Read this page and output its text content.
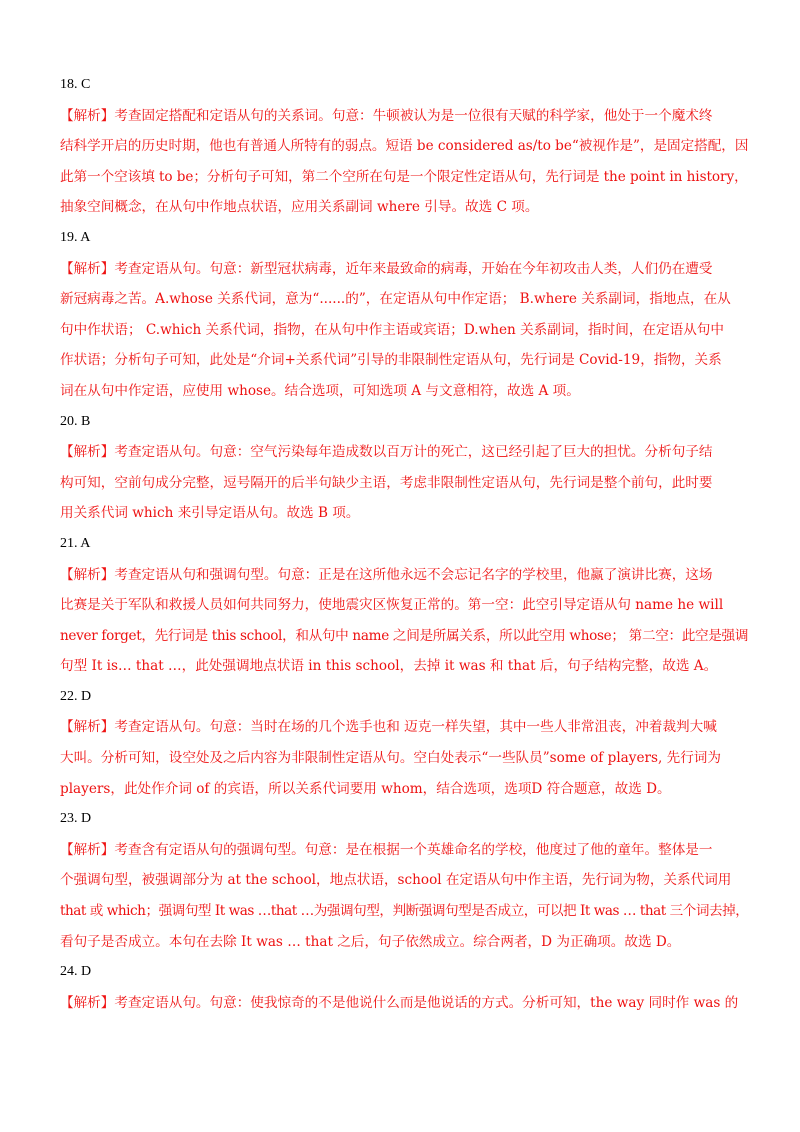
18. C
【解析】考查固定搭配和定语从句的关系词。句意：牛顿被认为是一位很有天赋的科学家，他处于一个魔术终
结科学开启的历史时期，他也有普通人所特有的弱点。短语 be considered as/to be“被视作是”，是固定搭配，因
此第一个空该填 to be；分析句子可知，第二个空所在句是一个限定性定语从句，先行词是 the point in history，
抽象空间概念，在从句中作地点状语，应用关系副词 where 引导。故选 C 项。
19. A
【解析】考查定语从句。句意：新型冠状病毒，近年来最致命的病毒，开始在今年初攻击人类，人们仍在遭受
新冠病毒之苦。A.whose 关系代词，意为“......的”，在定语从句中作定语； B.where 关系副词，指地点，在从
句中作状语； C.which 关系代词，指物，在从句中作主语或宾语；D.when 关系副词，指时间，在定语从句中
作状语；分析句子可知，此处是“介词+关系代词”引导的非限制性定语从句，先行词是 Covid-19，指物，关系
词在从句中作定语，应使用 whose。结合选项，可知选项 A 与文意相符，故选 A 项。
20. B
【解析】考查定语从句。句意：空气污染每年造成数以百万计的死亡，这已经引起了巨大的担忧。分析句子结
构可知，空前句成分完整，逗号隔开的后半句缺少主语，考虑非限制性定语从句，先行词是整个前句，此时要
用关系代词 which 来引导定语从句。故选 B 项。
21. A
【解析】考查定语从句和强调句型。句意：正是在这所他永远不会忘记名字的学校里，他赢了演讲比赛，这场
比赛是关于军队和救援人员如何共同努力，使地震灾区恢复正常的。第一空：此空引导定语从句 name he will
never forget，先行词是 this school，和从句中 name 之间是所属关系，所以此空用 whose； 第二空：此空是强调
句型 It is… that …，此处强调地点状语 in this school，去掉 it was 和 that 后，句子结构完整，故选 A。
22. D
【解析】考查定语从句。句意：当时在场的几个选手也和 迈克一样失望，其中一些人非常沮丧，冲着裁判大喊
大叫。分析可知，设空处及之后内容为非限制性定语从句。空白处表示“一些队员”some of players, 先行词为
players，此处作介词 of 的宾语，所以关系代词要用 whom，结合选项，选项D 符合题意，故选 D。
23. D
【解析】考查含有定语从句的强调句型。句意：是在根据一个英雄命名的学校，他度过了他的童年。整体是一
个强调句型，被强调部分为 at the school，地点状语，school 在定语从句中作主语，先行词为物，关系代词用
that 或 which；强调句型 It was …that …为强调句型，判断强调句型是否成立，可以把 It was … that 三个词去掉，
看句子是否成立。本句在去除 It was … that 之后，句子依然成立。综合两者，D 为正确项。故选 D。
24. D
【解析】考查定语从句。句意：使我惊奇的不是他说什么而是他说话的方式。分析可知，the way 同时作 was 的
